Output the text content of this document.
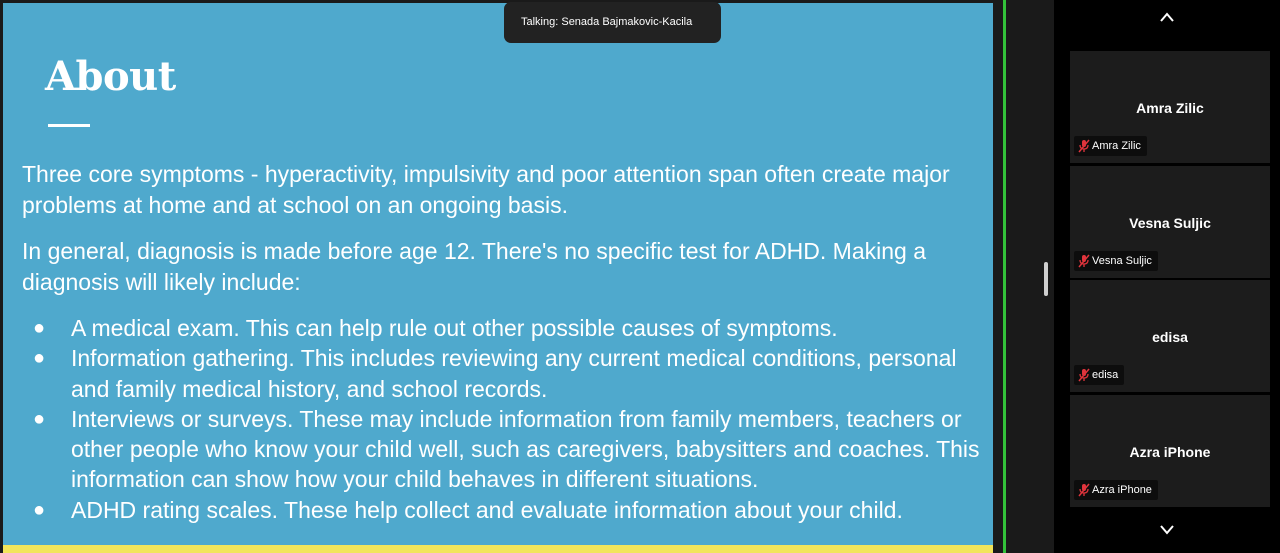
About

Three core symptoms - hyperactivity, impulsivity and poor attention span often create major problems at home and at school on an ongoing basis.

In general, diagnosis is made before age 12. There's no specific test for ADHD. Making a diagnosis will likely include:

● A medical exam. This can help rule out other possible causes of symptoms.
● Information gathering. This includes reviewing any current medical conditions, personal and family medical history, and school records.
● Interviews or surveys. These may include information from family members, teachers or other people who know your child well, such as caregivers, babysitters and coaches. This information can show how your child behaves in different situations.
● ADHD rating scales. These help collect and evaluate information about your child.
Talking: Senada Bajmakovic-Kacila
Amra Zilic
Amra Zilic
Vesna Suljic
Vesna Suljic
edisa
edisa
Azra iPhone
Azra iPhone
